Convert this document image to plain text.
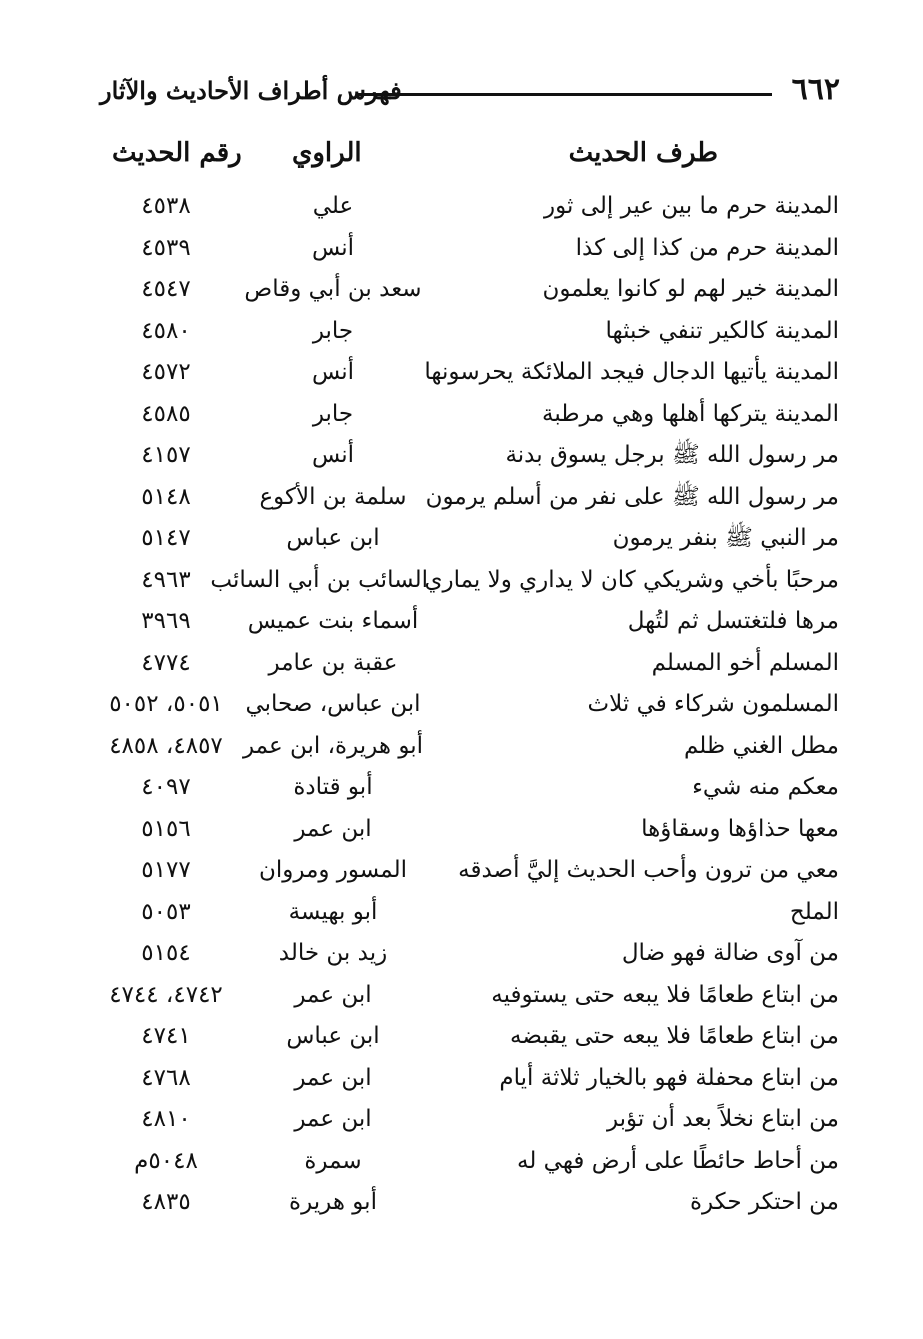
٦٦٢
فهرس أطراف الأحاديث والآثار
طرف الحديث
الراوي
رقم الحديث
المدينة حرم ما بين عير إلى ثور
علي
٤٥٣٨
المدينة حرم من كذا إلى كذا
أنس
٤٥٣٩
المدينة خير لهم لو كانوا يعلمون
سعد بن أبي وقاص
٤٥٤٧
المدينة كالكير تنفي خبثها
جابر
٤٥٨٠
المدينة يأتيها الدجال فيجد الملائكة يحرسونها
أنس
٤٥٧٢
المدينة يتركها أهلها وهي مرطبة
جابر
٤٥٨٥
مر رسول الله ﷺ برجل يسوق بدنة
أنس
٤١٥٧
مر رسول الله ﷺ على نفر من أسلم يرمون
سلمة بن الأكوع
٥١٤٨
مر النبي ﷺ بنفر يرمون
ابن عباس
٥١٤٧
مرحبًا بأخي وشريكي كان لا يداري ولا يماري
السائب بن أبي السائب
٤٩٦٣
مرها فلتغتسل ثم لتُهل
أسماء بنت عميس
٣٩٦٩
المسلم أخو المسلم
عقبة بن عامر
٤٧٧٤
المسلمون شركاء في ثلاث
ابن عباس، صحابي
٥٠٥١، ٥٠٥٢
مطل الغني ظلم
أبو هريرة، ابن عمر
٤٨٥٧، ٤٨٥٨
معكم منه شيء
أبو قتادة
٤٠٩٧
معها حذاؤها وسقاؤها
ابن عمر
٥١٥٦
معي من ترون وأحب الحديث إليَّ أصدقه
المسور ومروان
٥١٧٧
الملح
أبو بهيسة
٥٠٥٣
من آوى ضالة فهو ضال
زيد بن خالد
٥١٥٤
من ابتاع طعامًا فلا يبعه حتى يستوفيه
ابن عمر
٤٧٤٢، ٤٧٤٤
من ابتاع طعامًا فلا يبعه حتى يقبضه
ابن عباس
٤٧٤١
من ابتاع محفلة فهو بالخيار ثلاثة أيام
ابن عمر
٤٧٦٨
من ابتاع نخلاً بعد أن تؤبر
ابن عمر
٤٨١٠
من أحاط حائطًا على أرض فهي له
سمرة
٥٠٤٨م
من احتكر حكرة
أبو هريرة
٤٨٣٥
